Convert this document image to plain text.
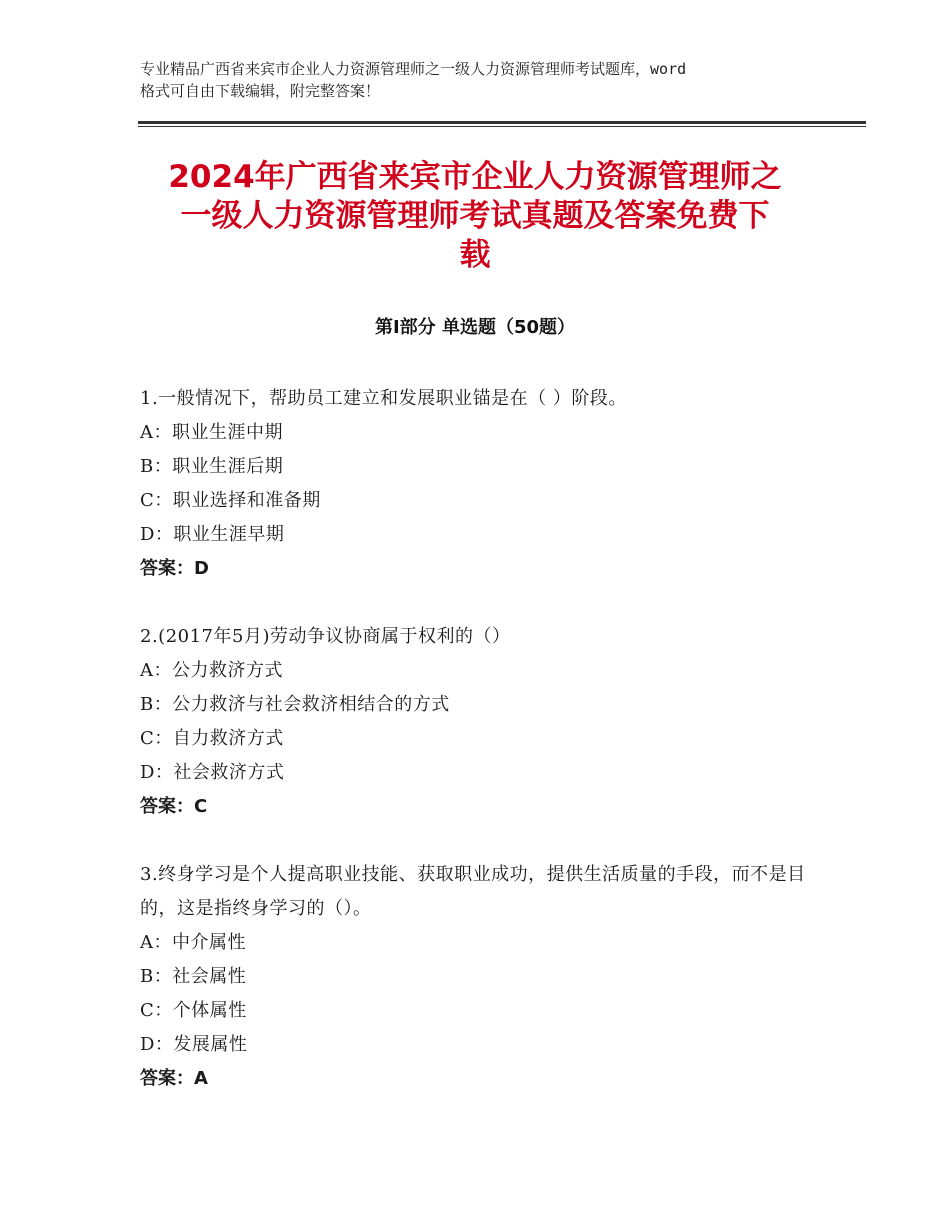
专业精品广西省来宾市企业人力资源管理师之一级人力资源管理师考试题库，word
格式可自由下载编辑，附完整答案！
2024年广西省来宾市企业人力资源管理师之
一级人力资源管理师考试真题及答案免费下
载
第Ⅰ部分 单选题（50题）
1.一般情况下，帮助员工建立和发展职业锚是在（ ）阶段。
A：职业生涯中期
B：职业生涯后期
C：职业选择和准备期
D：职业生涯早期
答案：D
2.(2017年5月)劳动争议协商属于权利的（）
A：公力救济方式
B：公力救济与社会救济相结合的方式
C：自力救济方式
D：社会救济方式
答案：C
3.终身学习是个人提高职业技能、获取职业成功，提供生活质量的手段，而不是目的，这是指终身学习的（）。
A：中介属性
B：社会属性
C：个体属性
D：发展属性
答案：A
